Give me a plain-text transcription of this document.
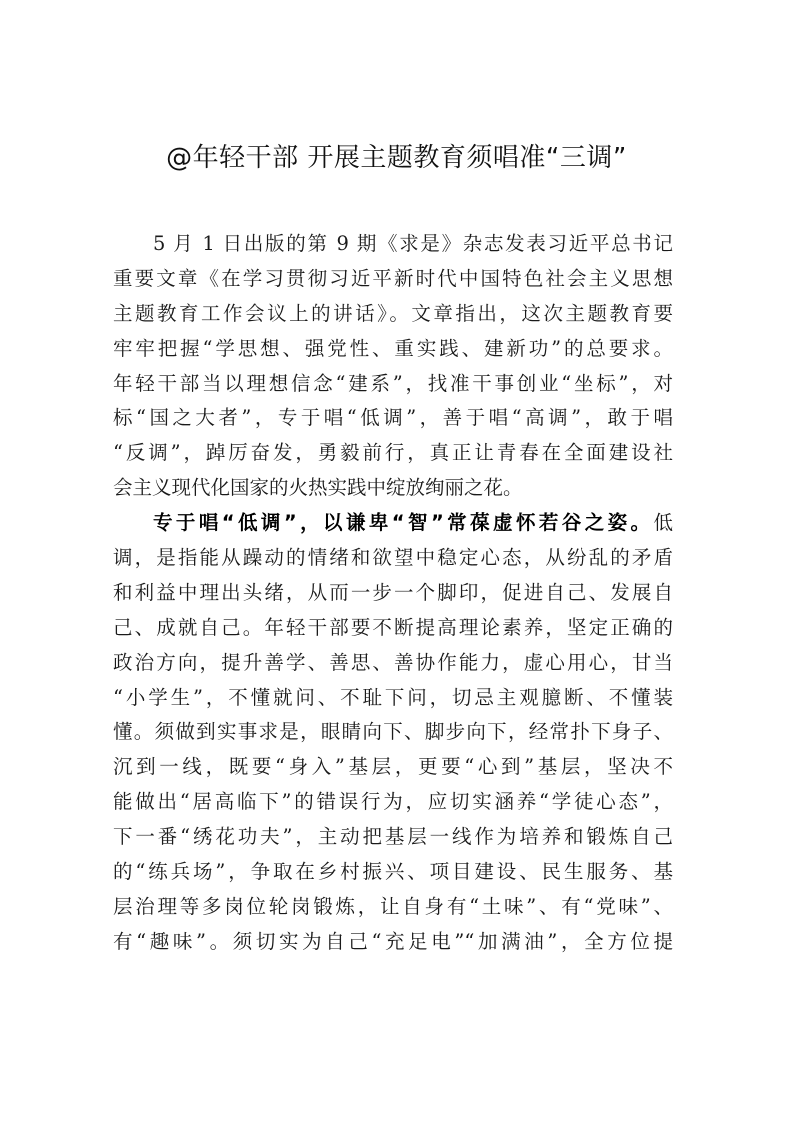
@年轻干部 开展主题教育须唱准“三调”
5 月 1 日出版的第 9 期《求是》杂志发表习近平总书记
重要文章《在学习贯彻习近平新时代中国特色社会主义思想
主题教育工作会议上的讲话》。文章指出，这次主题教育要
牢牢把握“学思想、强党性、重实践、建新功”的总要求。
年轻干部当以理想信念“建系”，找准干事创业“坐标”，对
标“国之大者”，专于唱“低调”，善于唱“高调”，敢于唱
“反调”，踔厉奋发，勇毅前行，真正让青春在全面建设社
会主义现代化国家的火热实践中绽放绚丽之花。
专于唱“低调”，以谦卑“智”常葆虚怀若谷之姿。低
调，是指能从躁动的情绪和欲望中稳定心态，从纷乱的矛盾
和利益中理出头绪，从而一步一个脚印，促进自己、发展自
己、成就自己。年轻干部要不断提高理论素养，坚定正确的
政治方向，提升善学、善思、善协作能力，虚心用心，甘当
“小学生”，不懂就问、不耻下问，切忌主观臆断、不懂装
懂。须做到实事求是，眼睛向下、脚步向下，经常扑下身子、
沉到一线，既要“身入”基层，更要“心到”基层，坚决不
能做出“居高临下”的错误行为，应切实涵养“学徒心态”，
下一番“绣花功夫”，主动把基层一线作为培养和锻炼自己
的“练兵场”，争取在乡村振兴、项目建设、民生服务、基
层治理等多岗位轮岗锻炼，让自身有“土味”、有“党味”、
有“趣味”。须切实为自己“充足电”“加满油”，全方位提
